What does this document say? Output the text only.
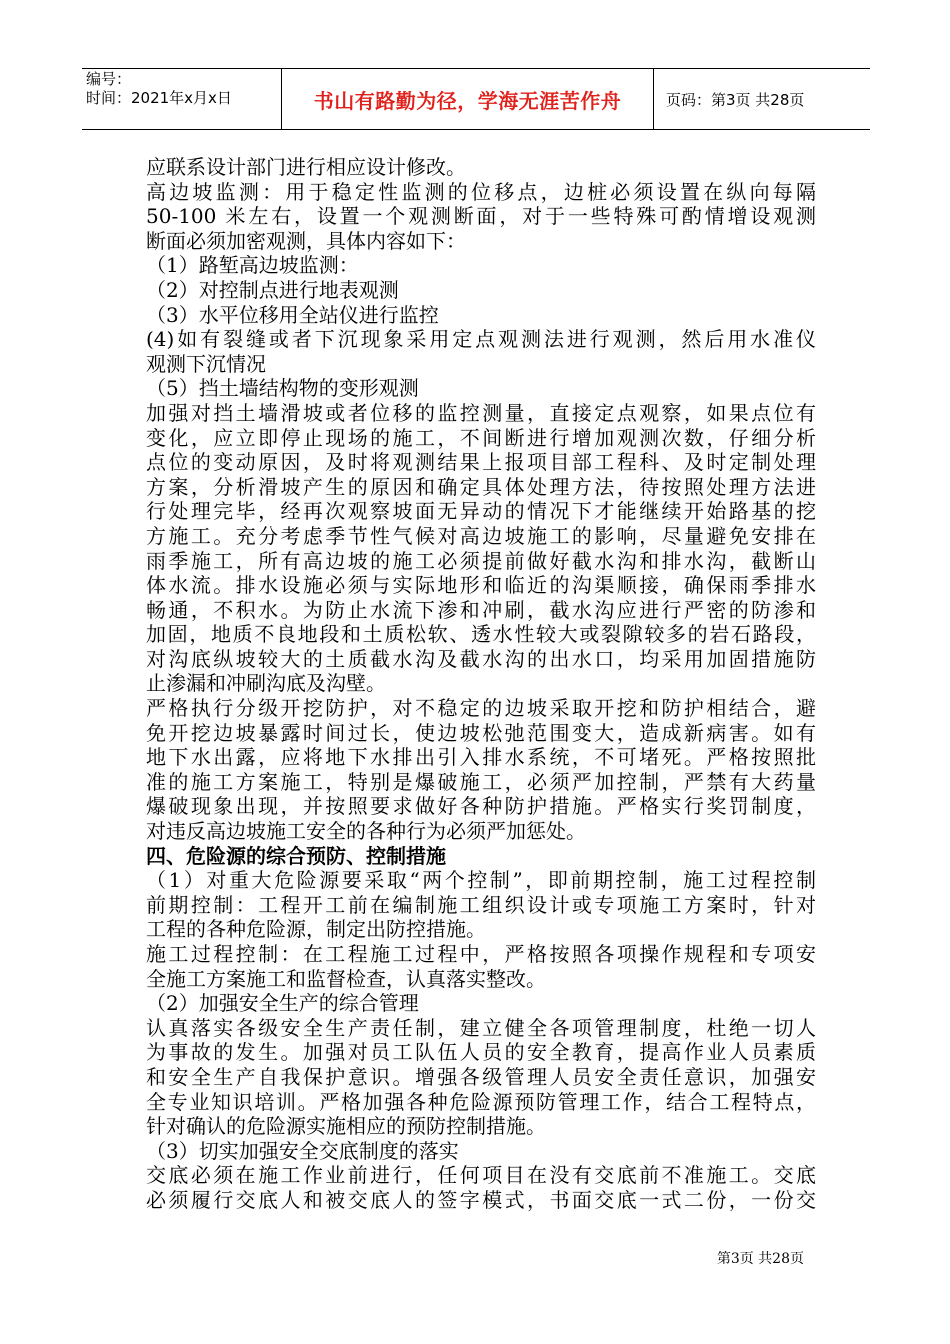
编号：
时间：2021年x月x日	书山有路勤为径，学海无涯苦作舟	页码：第3页 共28页
应联系设计部门进行相应设计修改。
高边坡监测：用于稳定性监测的位移点，边桩必须设置在纵向每隔
50-100 米左右，设置一个观测断面，对于一些特殊可酌情增设观测
断面必须加密观测，具体内容如下：
（1）路堑高边坡监测：
（2）对控制点进行地表观测
（3）水平位移用全站仪进行监控
(4)如有裂缝或者下沉现象采用定点观测法进行观测，然后用水准仪
观测下沉情况
（5）挡土墙结构物的变形观测
加强对挡土墙滑坡或者位移的监控测量，直接定点观察，如果点位有
变化，应立即停止现场的施工，不间断进行增加观测次数，仔细分析
点位的变动原因，及时将观测结果上报项目部工程科、及时定制处理
方案，分析滑坡产生的原因和确定具体处理方法，待按照处理方法进
行处理完毕，经再次观察坡面无异动的情况下才能继续开始路基的挖
方施工。充分考虑季节性气候对高边坡施工的影响，尽量避免安排在
雨季施工，所有高边坡的施工必须提前做好截水沟和排水沟，截断山
体水流。排水设施必须与实际地形和临近的沟渠顺接，确保雨季排水
畅通，不积水。为防止水流下渗和冲刷，截水沟应进行严密的防渗和
加固，地质不良地段和土质松软、透水性较大或裂隙较多的岩石路段，
对沟底纵坡较大的土质截水沟及截水沟的出水口，均采用加固措施防
止渗漏和冲刷沟底及沟壁。
严格执行分级开挖防护，对不稳定的边坡采取开挖和防护相结合，避
免开挖边坡暴露时间过长，使边坡松弛范围变大，造成新病害。如有
地下水出露，应将地下水排出引入排水系统，不可堵死。严格按照批
准的施工方案施工，特别是爆破施工，必须严加控制，严禁有大药量
爆破现象出现，并按照要求做好各种防护措施。严格实行奖罚制度，
对违反高边坡施工安全的各种行为必须严加惩处。
四、危险源的综合预防、控制措施
（1）对重大危险源要采取“两个控制”，即前期控制，施工过程控制
前期控制：工程开工前在编制施工组织设计或专项施工方案时，针对
工程的各种危险源，制定出防控措施。
施工过程控制：在工程施工过程中，严格按照各项操作规程和专项安
全施工方案施工和监督检查，认真落实整改。
（2）加强安全生产的综合管理
认真落实各级安全生产责任制，建立健全各项管理制度，杜绝一切人
为事故的发生。加强对员工队伍人员的安全教育，提高作业人员素质
和安全生产自我保护意识。增强各级管理人员安全责任意识，加强安
全专业知识培训。严格加强各种危险源预防管理工作，结合工程特点，
针对确认的危险源实施相应的预防控制措施。
（3）切实加强安全交底制度的落实
交底必须在施工作业前进行，任何项目在没有交底前不准施工。交底
必须履行交底人和被交底人的签字模式，书面交底一式二份，一份交
第3页 共28页
